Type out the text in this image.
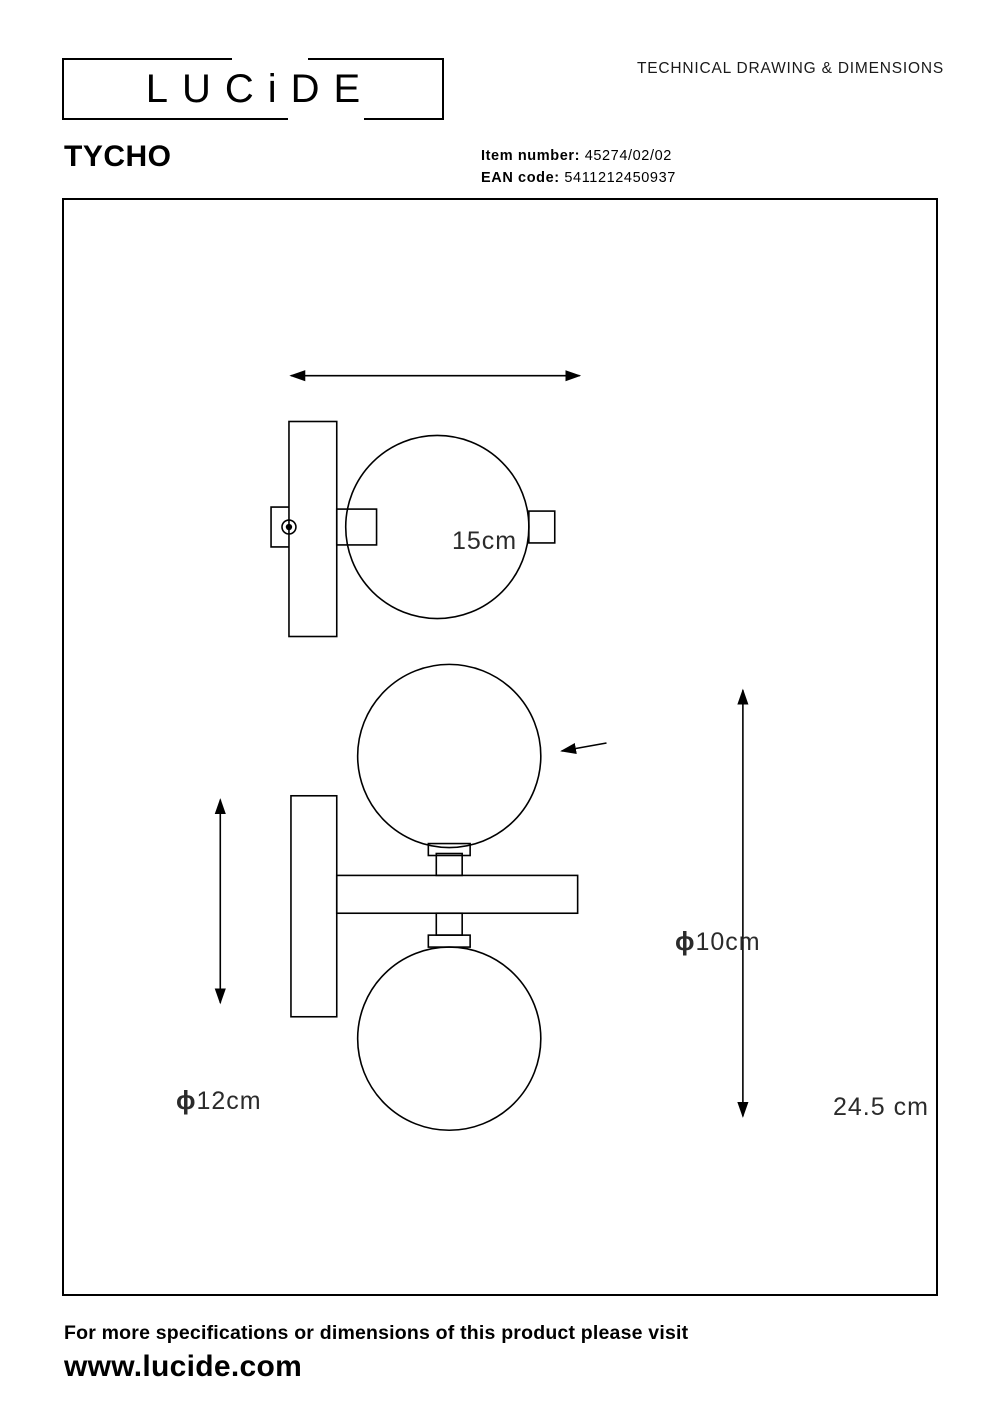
LUCiDE	TECHNICAL DRAWING & DIMENSIONS
TYCHO	Item number: 45274/02/02
EAN code: 5411212450937
15cm
ϕ10cm
ϕ12cm	24.5 cm
For more specifications or dimensions of this product please visit
www.lucide.com
